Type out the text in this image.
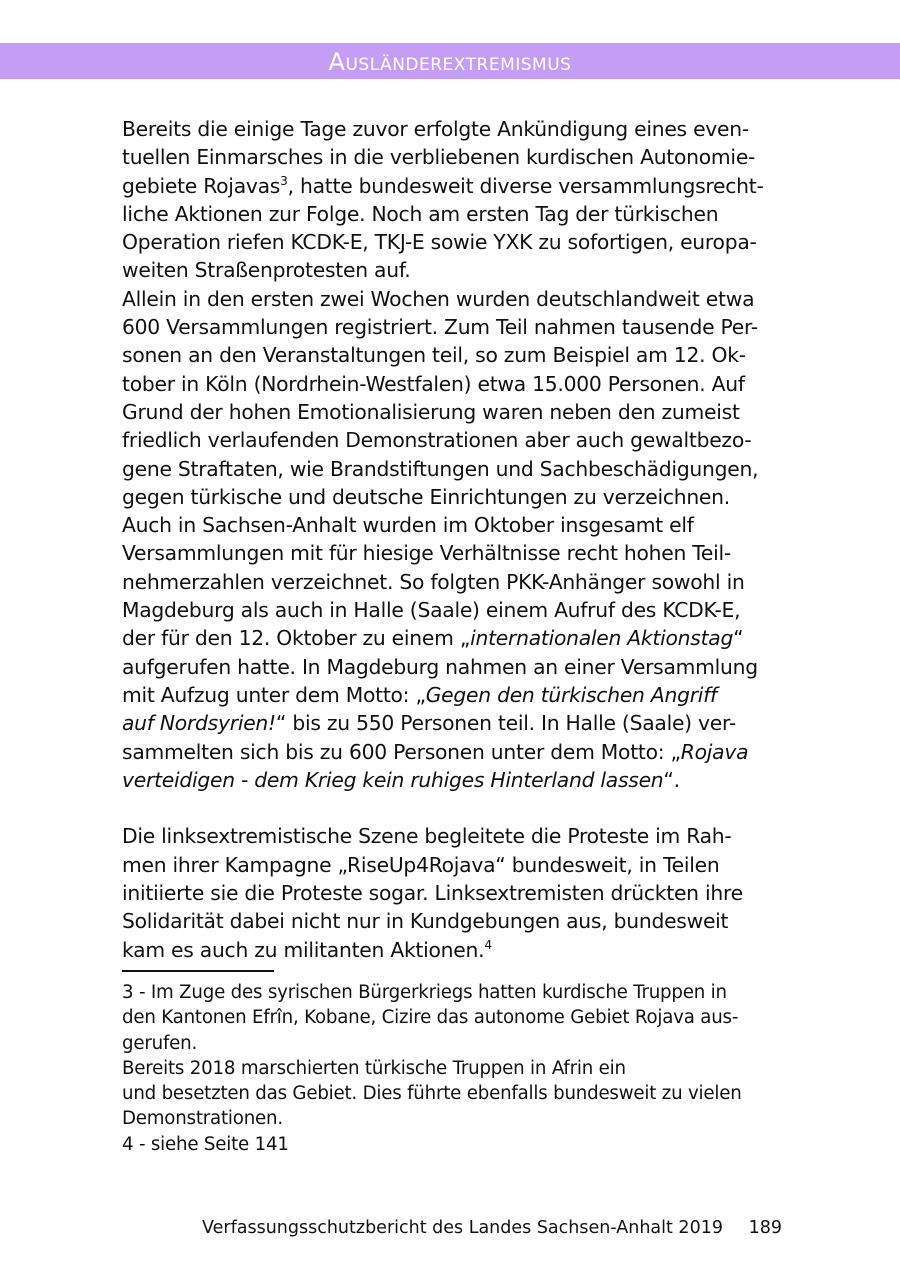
Ausländerextremismus
Bereits die einige Tage zuvor erfolgte Ankündigung eines even-
tuellen Einmarsches in die verbliebenen kurdischen Autonomie-
gebiete Rojavas$^3$, hatte bundesweit diverse versammlungsrecht-
liche Aktionen zur Folge. Noch am ersten Tag der türkischen
Operation riefen KCDK-E, TKJ-E sowie YXK zu sofortigen, europa-
weiten Straßenprotesten auf.
Allein in den ersten zwei Wochen wurden deutschlandweit etwa
600 Versammlungen registriert. Zum Teil nahmen tausende Per-
sonen an den Veranstaltungen teil, so zum Beispiel am 12. Ok-
tober in Köln (Nordrhein-Westfalen) etwa 15.000 Personen. Auf
Grund der hohen Emotionalisierung waren neben den zumeist
friedlich verlaufenden Demonstrationen aber auch gewaltbezo-
gene Straftaten, wie Brandstiftungen und Sachbeschädigungen,
gegen türkische und deutsche Einrichtungen zu verzeichnen.
Auch in Sachsen-Anhalt wurden im Oktober insgesamt elf
Versammlungen mit für hiesige Verhältnisse recht hohen Teil-
nehmerzahlen verzeichnet. So folgten PKK-Anhänger sowohl in
Magdeburg als auch in Halle (Saale) einem Aufruf des KCDK-E,
der für den 12. Oktober zu einem „internationalen Aktionstag“
aufgerufen hatte. In Magdeburg nahmen an einer Versammlung
mit Aufzug unter dem Motto: „Gegen den türkischen Angriff
auf Nordsyrien!“ bis zu 550 Personen teil. In Halle (Saale) ver-
sammelten sich bis zu 600 Personen unter dem Motto: „Rojava
verteidigen - dem Krieg kein ruhiges Hinterland lassen“.
Die linksextremistische Szene begleitete die Proteste im Rah-
men ihrer Kampagne „RiseUp4Rojava“ bundesweit, in Teilen
initiierte sie die Proteste sogar. Linksextremisten drückten ihre
Solidarität dabei nicht nur in Kundgebungen aus, bundesweit
kam es auch zu militanten Aktionen.$^4$
3 - Im Zuge des syrischen Bürgerkriegs hatten kurdische Truppen in
den Kantonen Efrîn, Kobane, Cizire das autonome Gebiet Rojava aus-
gerufen.
Bereits 2018 marschierten türkische Truppen in Afrin ein
und besetzten das Gebiet. Dies führte ebenfalls bundesweit zu vielen
Demonstrationen.
4 - siehe Seite 141
Verfassungsschutzbericht des Landes Sachsen-Anhalt 2019 189
